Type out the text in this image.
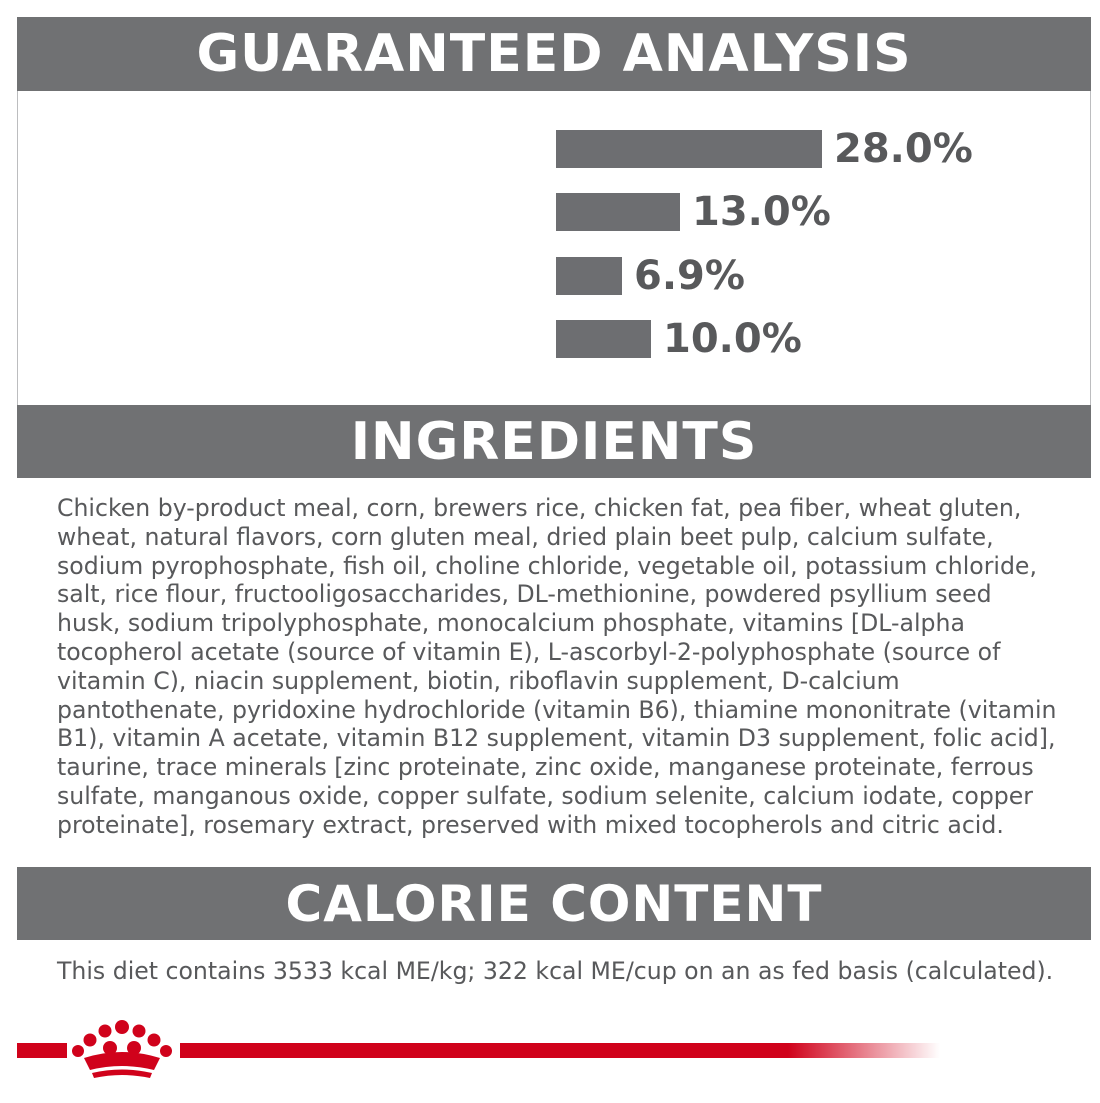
GUARANTEED ANALYSIS
28.0%
13.0%
6.9%
10.0%
INGREDIENTS

Chicken by-product meal, corn, brewers rice, chicken fat, pea fiber, wheat gluten, wheat, natural flavors, corn gluten meal, dried plain beet pulp, calcium sulfate, sodium pyrophosphate, fish oil, choline chloride, vegetable oil, potassium chloride, salt, rice flour, fructooligosaccharides, DL-methionine, powdered psyllium seed husk, sodium tripolyphosphate, monocalcium phosphate, vitamins [DL-alpha tocopherol acetate (source of vitamin E), L-ascorbyl-2-polyphosphate (source of vitamin C), niacin supplement, biotin, riboflavin supplement, D-calcium pantothenate, pyridoxine hydrochloride (vitamin B6), thiamine mononitrate (vitamin B1), vitamin A acetate, vitamin B12 supplement, vitamin D3 supplement, folic acid], taurine, trace minerals [zinc proteinate, zinc oxide, manganese proteinate, ferrous sulfate, manganous oxide, copper sulfate, sodium selenite, calcium iodate, copper proteinate], rosemary extract, preserved with mixed tocopherols and citric acid.

CALORIE CONTENT

This diet contains 3533 kcal ME/kg; 322 kcal ME/cup on an as fed basis (calculated).
